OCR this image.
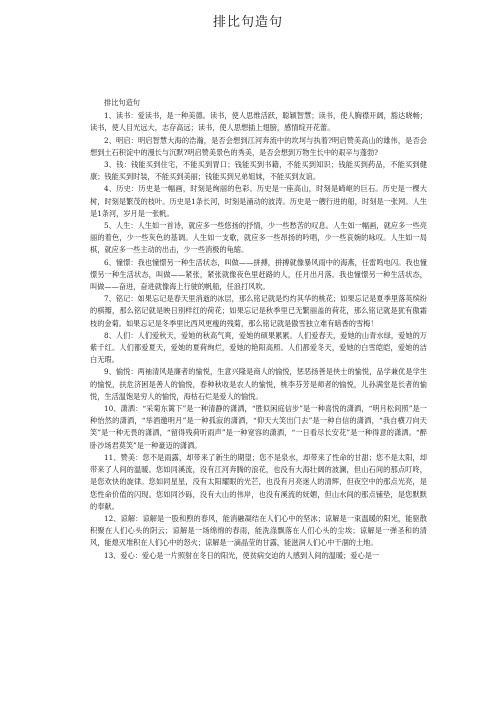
排比句造句

排比句造句

1、读书：爱读书，是一种美德。读书，使人思维活跃，聪颖智慧；读书，使人胸襟开阔，豁达晓畅；读书，使人目光远大，志存高远；读书，使人思想插上翅膀，感情绽开花蕾。

2、明启：明启智慧大海的浩瀚，是否会想到江河奔流中的坎坷与执着?明启赞美高山的雄伟，是否会想到土石积淀中的漫长与沉默?明启赞美景色的秀美，是否会想到万物生长中的艰辛与蓬勃?

3、钱：钱能买到住宅，不能买到胃口；钱能买到书籍，不能买到知识；钱能买到药品，不能买到健康；钱能买到时装，不能买到美丽；钱能买到兄弟姐妹，不能买到友谊。

4、历史：历史是一幅画，时刻是绚丽的色彩。历史是一座高山，时刻是崎岖的巨石。历史是一棵大树，时刻是繁茂的枝叶。历史是1条长河，时刻是涌动的波涛。历史是一艘行进的船，时刻是一张网。人生是1条河，岁月是一张帆。

5、人生：人生如一首诗，就应多一些悠扬的抒情，少一些愁苦的叹息。人生如一幅画，就应多一些亮丽的着色，少一些灰色的基调。人生如一支歌，就应多一些昂扬的吟唱，少一些哀婉的咏叹。人生如一局棋，就应多一些主动的出击，少一些消极的龟缩。

6、憧憬：我也憧憬另一种生活状态，叫做——拼搏，拼搏就像暴风雨中的海燕，任雷鸣电闪。我也憧憬另一种生活状态，叫做——紧张，紧张就像夜色里赶路的人，任月出月落。我也憧憬另一种生活状态，叫做——奋进，奋进就像海上行驶的帆船，任浪打风吹。

7、铭记：如果忘记是春天里消逝的冰层，那么铭记就是灼灼其华的桃花；如果忘记是夏季里落英缤纷的棋瓣，那么铭记就是映日别样红的荷花；如果忘记是秋季里已无繁丽盖的荷花，那么铭记就是犹有傲霜枝的金菊。如果忘记是冬季里比西风更瘦的残菊，那么铭记就是傲雪独立难有暗香的雪梅！

8、人们：人们爱秋天，爱她的秋高气爽，爱她的硕果累累。人们爱春天，爱她的山青水绿，爱她的万紫千红。人们都爱夏天，爱她的夏荷绚烂，爱她的艳阳高照。人们都爱冬天，爱她的白雪皑皑，爱她的洁白无瑕。

9、愉悦：两袖清风是廉者的愉悦，生意兴隆是商人的愉悦，惩恶扬善是侠士的愉悦，品学兼优是学生的愉悦，扶危济困是善人的愉悦，春种秋收是农人的愉悦，桃李芬芳是师者的愉悦，儿孙满堂是长者的愉悦，生活温饱是穷人的愉悦，海枯石烂是爱人的愉悦。

10、潇洒：“采菊东篱下”是一种清静的潇洒，“胜似闲庭信步”是一种喜悦的潇洒，“明月松间照”是一种怡然的潇洒，“举酒邀明月”是一种孤寂的潇洒，“仰天大笑出门去”是一种自信的潇洒，“我自横刀向天笑”是一种无畏的潇洒，“留得残荷听雨声”是一种宽容的潇洒，“一日看尽长安花”是一种得意的潇洒。“醉卧沙场君莫笑”是一种豪迈的潇洒。

11、赞美：您不是雨露，却带来了新生的期望；您不是泉水，却带来了性命的甘甜；您不是太阳，却带来了人间的温暖。您如同溪流，没有江河奔腾的浪花，也没有大海壮阔的波澜，但山石间的那点叮咚，是您欢快的旋律。您如同星星，没有太阳耀眼的光芒，也没有月亮迷人的清辉，但夜空中的那点光亮，是您性命价值的闪现。您如同沙砾，没有大山的伟岸，也没有溪流的妩媚，但山水间的那点铺垫，是您默默的奉献。

12、谅解：谅解是一股和煦的春风，能消融凝结在人们心中的坚冰；谅解是一束温暖的阳光，能驱散积聚在人们心头的阴云；谅解是一场绵绵的春雨，能洗涤飘落在人们心头的尘埃；谅解是一弹圣和的清风，能熄灭堆积在人们心中的怒火；谅解是一滴晶莹的甘露，能滋润人们心中干涸的土地。

13、爱心：爱心是一片照射在冬日的阳光，使贫病交迫的人感到人间的温暖；爱心是一
